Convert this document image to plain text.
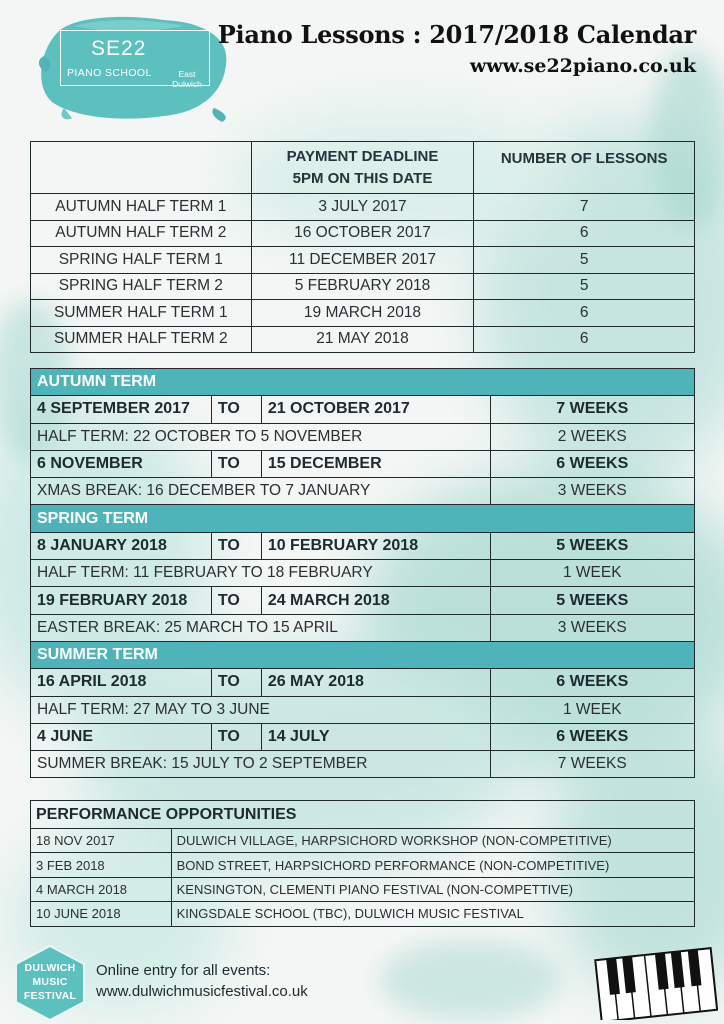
SE22
PIANO SCHOOL	East Dulwich
Piano Lessons : 2017/2018 Calendar
www.se22piano.co.uk
	PAYMENT DEADLINE
5PM ON THIS DATE	NUMBER OF LESSONS
AUTUMN HALF TERM 1	3 JULY 2017	7
AUTUMN HALF TERM 2	16 OCTOBER 2017	6
SPRING HALF TERM 1	11 DECEMBER 2017	5
SPRING HALF TERM 2	5 FEBRUARY 2018	5
SUMMER HALF TERM 1	19 MARCH 2018	6
SUMMER HALF TERM 2	21 MAY 2018	6
AUTUMN TERM			
4 SEPTEMBER 2017	TO	21 OCTOBER 2017	7 WEEKS
HALF TERM: 22 OCTOBER TO 5 NOVEMBER			2 WEEKS
6 NOVEMBER	TO	15 DECEMBER	6 WEEKS
XMAS BREAK: 16 DECEMBER TO 7 JANUARY			3 WEEKS
SPRING TERM			
8 JANUARY 2018	TO	10 FEBRUARY 2018	5 WEEKS
HALF TERM: 11 FEBRUARY TO 18 FEBRUARY			1 WEEK
19 FEBRUARY 2018	TO	24 MARCH 2018	5 WEEKS
EASTER BREAK: 25 MARCH TO 15 APRIL			3 WEEKS
SUMMER TERM			
16 APRIL 2018	TO	26 MAY 2018	6 WEEKS
HALF TERM: 27 MAY TO 3 JUNE			1 WEEK
4 JUNE	TO	14 JULY	6 WEEKS
SUMMER BREAK: 15 JULY TO 2 SEPTEMBER			7 WEEKS
PERFORMANCE OPPORTUNITIES	
18 NOV 2017	DULWICH VILLAGE, HARPSICHORD WORKSHOP (NON-COMPETITIVE)
3 FEB 2018	BOND STREET, HARPSICHORD PERFORMANCE (NON-COMPETITIVE)
4 MARCH 2018	KENSINGTON, CLEMENTI PIANO FESTIVAL (NON-COMPETTIVE)
10 JUNE 2018	KINGSDALE SCHOOL (TBC), DULWICH MUSIC FESTIVAL
DULWICH
MUSIC
FESTIVAL
Online entry for all events:
www.dulwichmusicfestival.co.uk
